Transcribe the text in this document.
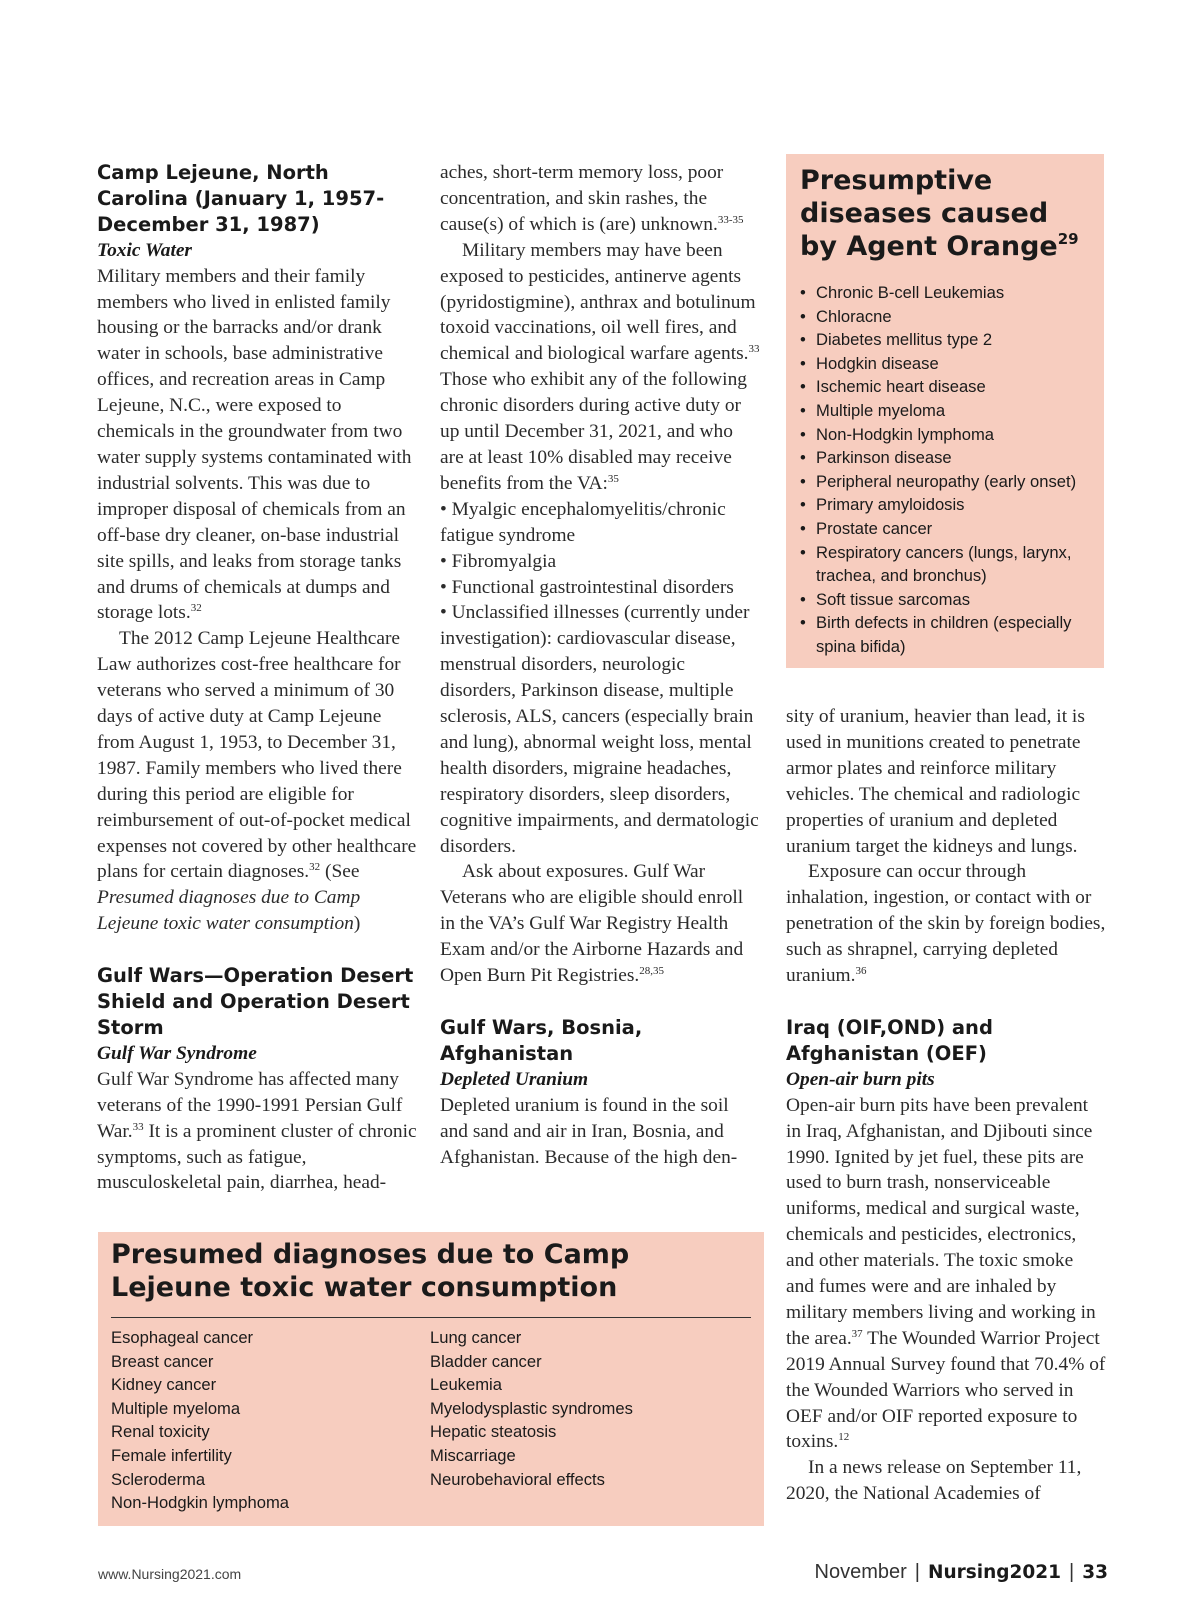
Camp Lejeune, North Carolina (January 1, 1957-December 31, 1987)
Toxic Water

Military members and their family members who lived in enlisted family housing or the barracks and/or drank water in schools, base administrative offices, and recreation areas in Camp Lejeune, N.C., were exposed to chemicals in the groundwater from two water supply systems contaminated with industrial solvents. This was due to improper disposal of chemicals from an off-base dry cleaner, on-base industrial site spills, and leaks from storage tanks and drums of chemicals at dumps and storage lots.$^{32}$

The 2012 Camp Lejeune Healthcare Law authorizes cost-free healthcare for veterans who served a minimum of 30 days of active duty at Camp Lejeune from August 1, 1953, to December 31, 1987. Family members who lived there during this period are eligible for reimbursement of out-of-pocket medical expenses not covered by other healthcare plans for certain diagnoses.$^{32}$ (See Presumed diagnoses due to Camp Lejeune toxic water consumption)

Gulf Wars—Operation Desert Shield and Operation Desert Storm
Gulf War Syndrome

Gulf War Syndrome has affected many veterans of the 1990-1991 Persian Gulf War.$^{33}$ It is a prominent cluster of chronic symptoms, such as fatigue, musculoskeletal pain, diarrhea, head-

aches, short-term memory loss, poor concentration, and skin rashes, the cause(s) of which is (are) unknown.$^{33-35}$

Military members may have been exposed to pesticides, antinerve agents (pyridostigmine), anthrax and botulinum toxoid vaccinations, oil well fires, and chemical and biological warfare agents.$^{33}$ Those who exhibit any of the following chronic disorders during active duty or up until December 31, 2021, and who are at least 10% disabled may receive benefits from the VA:$^{35}$

• Myalgic encephalomyelitis/chronic fatigue syndrome

• Fibromyalgia

• Functional gastrointestinal disorders

• Unclassified illnesses (currently under investigation): cardiovascular disease, menstrual disorders, neurologic disorders, Parkinson disease, multiple sclerosis, ALS, cancers (especially brain and lung), abnormal weight loss, mental health disorders, migraine headaches, respiratory disorders, sleep disorders, cognitive impairments, and dermatologic disorders.

Ask about exposures. Gulf War Veterans who are eligible should enroll in the VA’s Gulf War Registry Health Exam and/or the Airborne Hazards and Open Burn Pit Registries.$^{28,35}$

Gulf Wars, Bosnia, Afghanistan
Depleted Uranium

Depleted uranium is found in the soil and sand and air in Iran, Bosnia, and Afghanistan. Because of the high den-

Presumptive diseases caused by Agent Orange$^{29}$
• Chronic B-cell Leukemias
• Chloracne
• Diabetes mellitus type 2
• Hodgkin disease
• Ischemic heart disease
• Multiple myeloma
• Non-Hodgkin lymphoma
• Parkinson disease
• Peripheral neuropathy (early onset)
• Primary amyloidosis
• Prostate cancer
• Respiratory cancers (lungs, larynx, trachea, and bronchus)
• Soft tissue sarcomas
• Birth defects in children (especially spina bifida)

sity of uranium, heavier than lead, it is used in munitions created to penetrate armor plates and reinforce military vehicles. The chemical and radiologic properties of uranium and depleted uranium target the kidneys and lungs.

Exposure can occur through inhalation, ingestion, or contact with or penetration of the skin by foreign bodies, such as shrapnel, carrying depleted uranium.$^{36}$

Iraq (OIF,OND) and Afghanistan (OEF)
Open-air burn pits

Open-air burn pits have been prevalent in Iraq, Afghanistan, and Djibouti since 1990. Ignited by jet fuel, these pits are used to burn trash, nonserviceable uniforms, medical and surgical waste, chemicals and pesticides, electronics, and other materials. The toxic smoke and fumes were and are inhaled by military members living and working in the area.$^{37}$ The Wounded Warrior Project 2019 Annual Survey found that 70.4% of the Wounded Warriors who served in OEF and/or OIF reported exposure to toxins.$^{12}$

In a news release on September 11, 2020, the National Academies of

Presumed diagnoses due to Camp Lejeune toxic water consumption
Esophageal cancer
Breast cancer
Kidney cancer
Multiple myeloma
Renal toxicity
Female infertility
Scleroderma
Non-Hodgkin lymphoma
Lung cancer
Bladder cancer
Leukemia
Myelodysplastic syndromes
Hepatic steatosis
Miscarriage
Neurobehavioral effects
www.Nursing2021.com	November | Nursing2021 | 33
